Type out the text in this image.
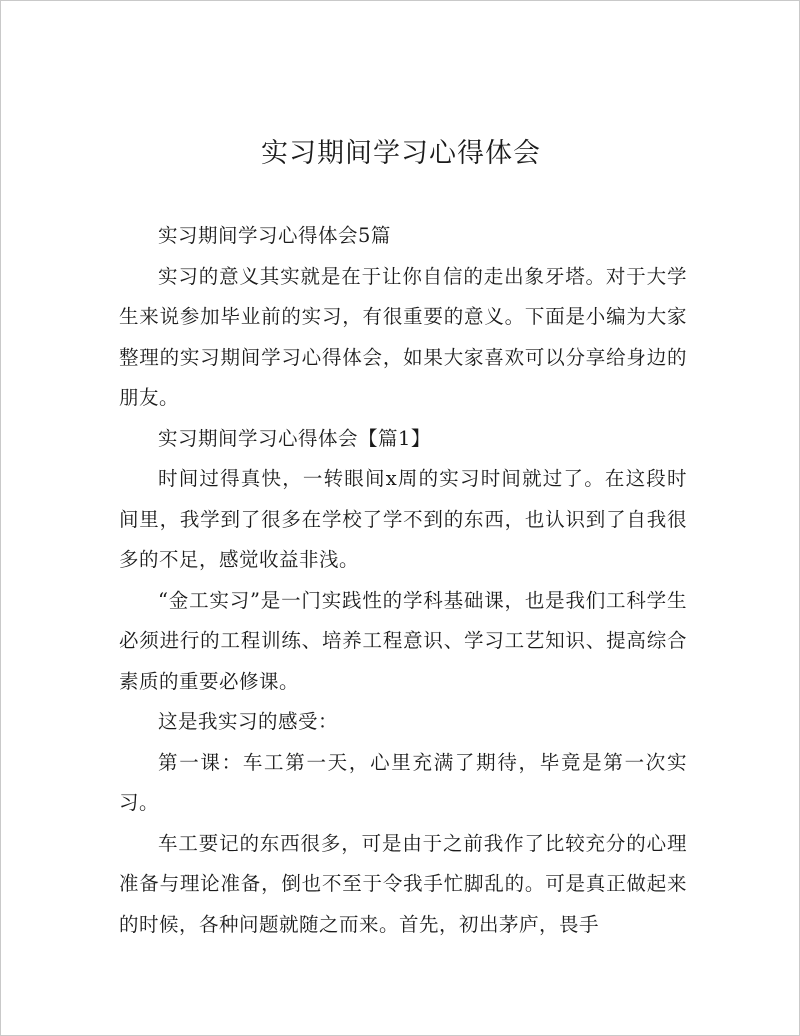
实习期间学习心得体会

实习期间学习心得体会5篇

实习的意义其实就是在于让你自信的走出象牙塔。对于大学生来说参加毕业前的实习，有很重要的意义。下面是小编为大家整理的实习期间学习心得体会，如果大家喜欢可以分享给身边的朋友。

实习期间学习心得体会【篇1】

时间过得真快，一转眼间x周的实习时间就过了。在这段时间里，我学到了很多在学校了学不到的东西，也认识到了自我很多的不足，感觉收益非浅。

“金工实习”是一门实践性的学科基础课，也是我们工科学生必须进行的工程训练、培养工程意识、学习工艺知识、提高综合素质的重要必修课。

这是我实习的感受：

第一课：车工第一天，心里充满了期待，毕竟是第一次实习。

车工要记的东西很多，可是由于之前我作了比较充分的心理准备与理论准备，倒也不至于令我手忙脚乱的。可是真正做起来的时候，各种问题就随之而来。首先，初出茅庐，畏手
